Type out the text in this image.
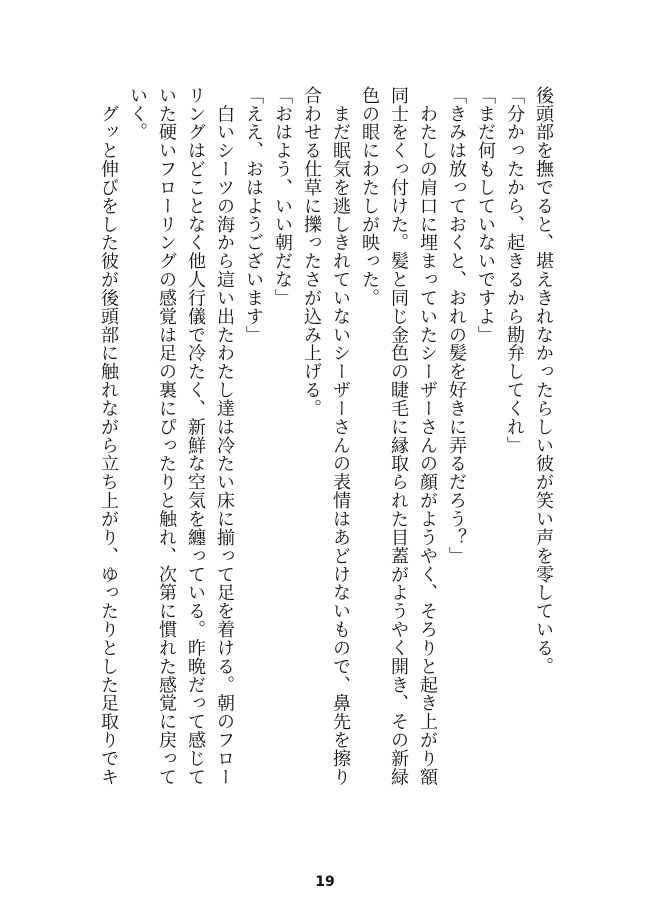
後頭部を撫でると、堪えきれなかったらしい彼が笑い声を零している。
「分かったから、起きるから勘弁してくれ」
「まだ何もしていないですよ」
「きみは放っておくと、おれの髪を好きに弄るだろう？」
　わたしの肩口に埋まっていたシーザーさんの顔がようやく、そろりと起き上がり額
同士をくっ付けた。髪と同じ金色の睫毛に縁取られた目蓋がようやく開き、その新緑
色の眼にわたしが映った。
　まだ眠気を逃しきれていないシーザーさんの表情はあどけないもので、鼻先を擦り
合わせる仕草に擽ったさが込み上げる。
「おはよう、いい朝だな」
「ええ、おはようございます」
　白いシーツの海から這い出たわたし達は冷たい床に揃って足を着ける。朝のフロー
リングはどことなく他人行儀で冷たく、新鮮な空気を纏っている。昨晩だって感じて
いた硬いフローリングの感覚は足の裏にぴったりと触れ、次第に慣れた感覚に戻って
いく。
　グッと伸びをした彼が後頭部に触れながら立ち上がり、ゆったりとした足取りでキ
19
